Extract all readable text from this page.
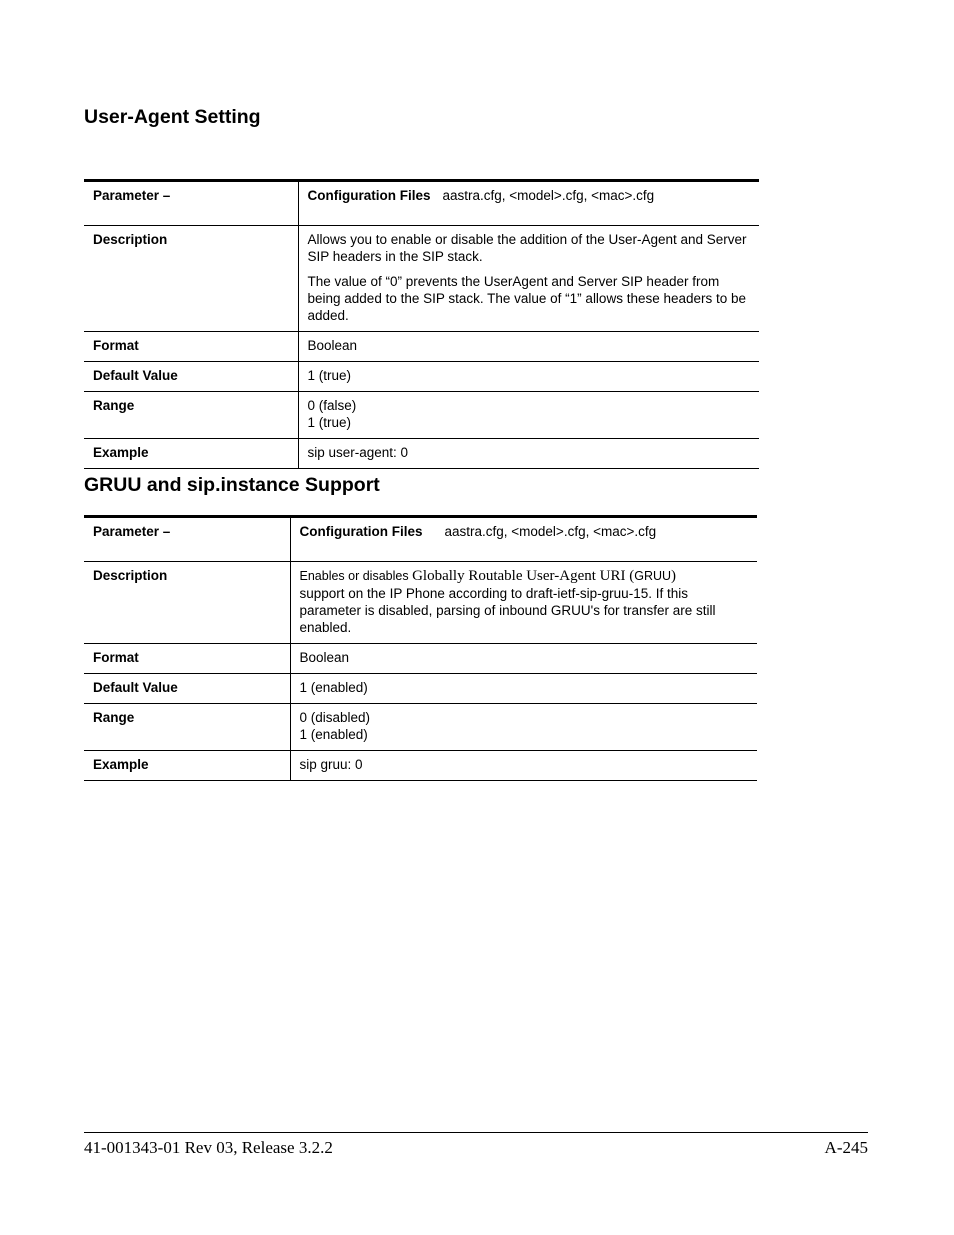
User-Agent Setting
Parameter –	Configuration Files aastra.cfg, <model>.cfg, <mac>.cfg
Description	Allows you to enable or disable the addition of the User-Agent and Server SIP headers in the SIP stack.

The value of “0” prevents the UserAgent and Server SIP header from being added to the SIP stack. The value of “1” allows these headers to be added.

Format	Boolean
Default Value	1 (true)
Range	0 (false)
1 (true)

Example	sip user-agent: 0
GRUU and sip.instance Support
Parameter –	Configuration Files aastra.cfg, <model>.cfg, <mac>.cfg
Description	Enables or disables Globally Routable User-Agent URI (GRUU)
support on the IP Phone according to draft-ietf-sip-gruu-15. If this parameter is disabled, parsing of inbound GRUU's for transfer are still enabled.
Format	Boolean
Default Value	1 (enabled)
Range	0 (disabled)
1 (enabled)

Example	sip gruu: 0
41-001343-01 Rev 03, Release 3.2.2	A-245
